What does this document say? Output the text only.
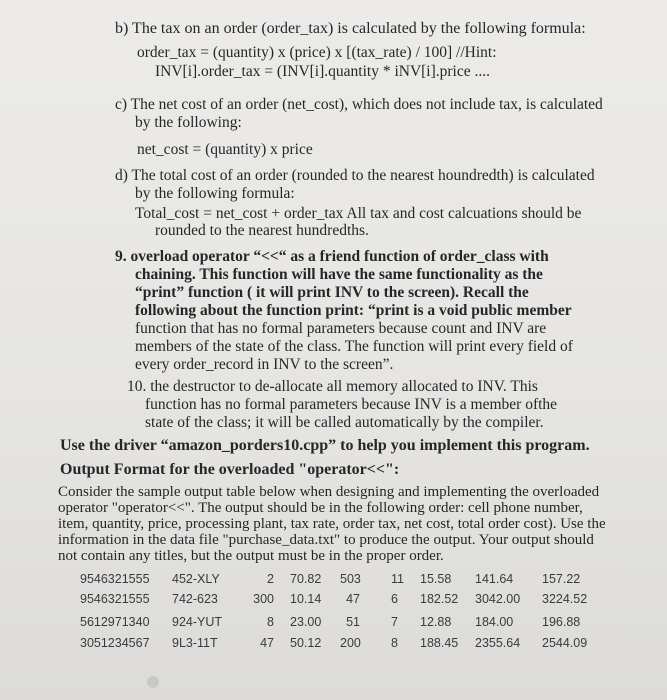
b) The tax on an order (order_tax) is calculated by the following formula:
order_tax = (quantity) x (price) x [(tax_rate) / 100] //Hint:
INV[i].order_tax = (INV[i].quantity * iNV[i].price ....
c) The net cost of an order (net_cost), which does not include tax, is calculated
by the following:
net_cost = (quantity) x price
d) The total cost of an order (rounded to the nearest houndredth) is calculated
by the following formula:
Total_cost = net_cost + order_tax All tax and cost calcuations should be
rounded to the nearest hundredths.
9. overload operator “<<“ as a friend function of order_class with
chaining. This function will have the same functionality as the
“print” function ( it will print INV to the screen). Recall the
following about the function print: “print is a void public member
function that has no formal parameters because count and INV are
members of the state of the class. The function will print every field of
every order_record in INV to the screen”.
10. the destructor to de-allocate all memory allocated to INV. This
function has no formal parameters because INV is a member ofthe
state of the class; it will be called automatically by the compiler.
Use the driver “amazon_porders10.cpp” to help you implement this program.
Output Format for the overloaded "operator<<":
Consider the sample output table below when designing and implementing the overloaded
operator "operator<<". The output should be in the following order: cell phone number,
item, quantity, price, processing plant, tax rate, order tax, net cost, total order cost). Use the
information in the data file "purchase_data.txt" to produce the output. Your output should
not contain any titles, but the output must be in the proper order.
9546321555 452-XLY	2 70.82 503 11 15.58 141.64 157.22
9546321555 742-623	300 10.14	47 6 182.52 3042.00 3224.52
5612971340 924-YUT	8 23.00	51 7 12.88 184.00 196.88
3051234567 9L3-11T	47 50.12 200 8 188.45 2355.64 2544.09
